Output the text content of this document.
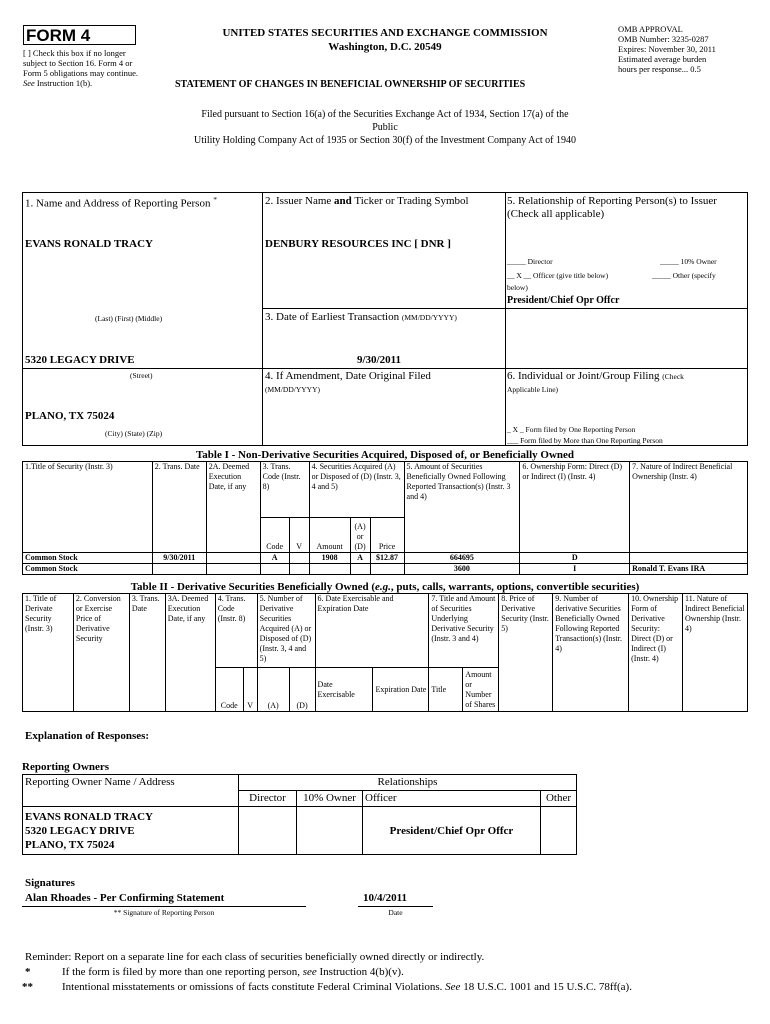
FORM 4
[ ] Check this box if no longer subject to Section 16. Form 4 or Form 5 obligations may continue. See Instruction 1(b).
UNITED STATES SECURITIES AND EXCHANGE COMMISSION
Washington, D.C. 20549
STATEMENT OF CHANGES IN BENEFICIAL OWNERSHIP OF SECURITIES
OMB APPROVAL
OMB Number: 3235-0287
Expires: November 30, 2011
Estimated average burden
hours per response... 0.5
Filed pursuant to Section 16(a) of the Securities Exchange Act of 1934, Section 17(a) of the
Public
Utility Holding Company Act of 1935 or Section 30(f) of the Investment Company Act of 1940
1. Name and Address of Reporting Person *
EVANS RONALD TRACY
(Last) (First) (Middle)
5320 LEGACY DRIVE
(Street)
PLANO, TX 75024
(City) (State) (Zip)
2. Issuer Name and Ticker or Trading Symbol
DENBURY RESOURCES INC [ DNR ]
3. Date of Earliest Transaction (MM/DD/YYYY)
9/30/2011
4. If Amendment, Date Original Filed
(MM/DD/YYYY)
5. Relationship of Reporting Person(s) to Issuer
(Check all applicable)
_____ Director	_____ 10% Owner
__ X __ Officer (give title below)	_____ Other (specify
below)
President/Chief Opr Offcr
6. Individual or Joint/Group Filing (Check
Applicable Line)
_ X _ Form filed by One Reporting Person
___ Form filed by More than One Reporting Person
Table I - Non-Derivative Securities Acquired, Disposed of, or Beneficially Owned
1.Title of Security (Instr. 3)	2. Trans. Date	2A. Deemed Execution Date, if any	3. Trans. Code (Instr. 8)		4. Securities Acquired (A) or Disposed of (D) (Instr. 3, 4 and 5)			5. Amount of Securities Beneficially Owned Following Reported Transaction(s) (Instr. 3 and 4)	6. Ownership Form: Direct (D) or Indirect (I) (Instr. 4)	7. Nature of Indirect Beneficial Ownership (Instr. 4)
			Code	V	Amount	(A) or (D)	Price			
Common Stock	9/30/2011		A		1908	A	$12.87	664695	D	
Common Stock								3600	I	Ronald T. Evans IRA
Table II - Derivative Securities Beneficially Owned (e.g., puts, calls, warrants, options, convertible securities)
1. Title of Derivate Security (Instr. 3)	2. Conversion or Exercise Price of Derivative Security	3. Trans. Date	3A. Deemed Execution Date, if any	4. Trans. Code (Instr. 8)		5. Number of Derivative Securities Acquired (A) or Disposed of (D) (Instr. 3, 4 and 5)		6. Date Exercisable and Expiration Date		7. Title and Amount of Securities Underlying Derivative Security (Instr. 3 and 4)		8. Price of Derivative Security (Instr. 5)	9. Number of derivative Securities Beneficially Owned Following Reported Transaction(s) (Instr. 4)	10. Ownership Form of Derivative Security: Direct (D) or Indirect (I) (Instr. 4)	11. Nature of Indirect Beneficial Ownership (Instr. 4)
				Code	V	(A)	(D)	Date Exercisable	Expiration Date	Title	Amount or Number of Shares				
Explanation of Responses:
Reporting Owners
Reporting Owner Name / Address	Relationships			
	Director	10% Owner	Officer	Other

EVANS RONALD TRACY
5320 LEGACY DRIVE
PLANO, TX 75024			President/Chief Opr Offcr	
Signatures
Alan Rhoades - Per Confirming Statement
** Signature of Reporting Person
10/4/2011
Date
Reminder: Report on a separate line for each class of securities beneficially owned directly or indirectly.
*	If the form is filed by more than one reporting person, see Instruction 4(b)(v).
**	Intentional misstatements or omissions of facts constitute Federal Criminal Violations. See 18 U.S.C. 1001 and 15 U.S.C. 78ff(a).
